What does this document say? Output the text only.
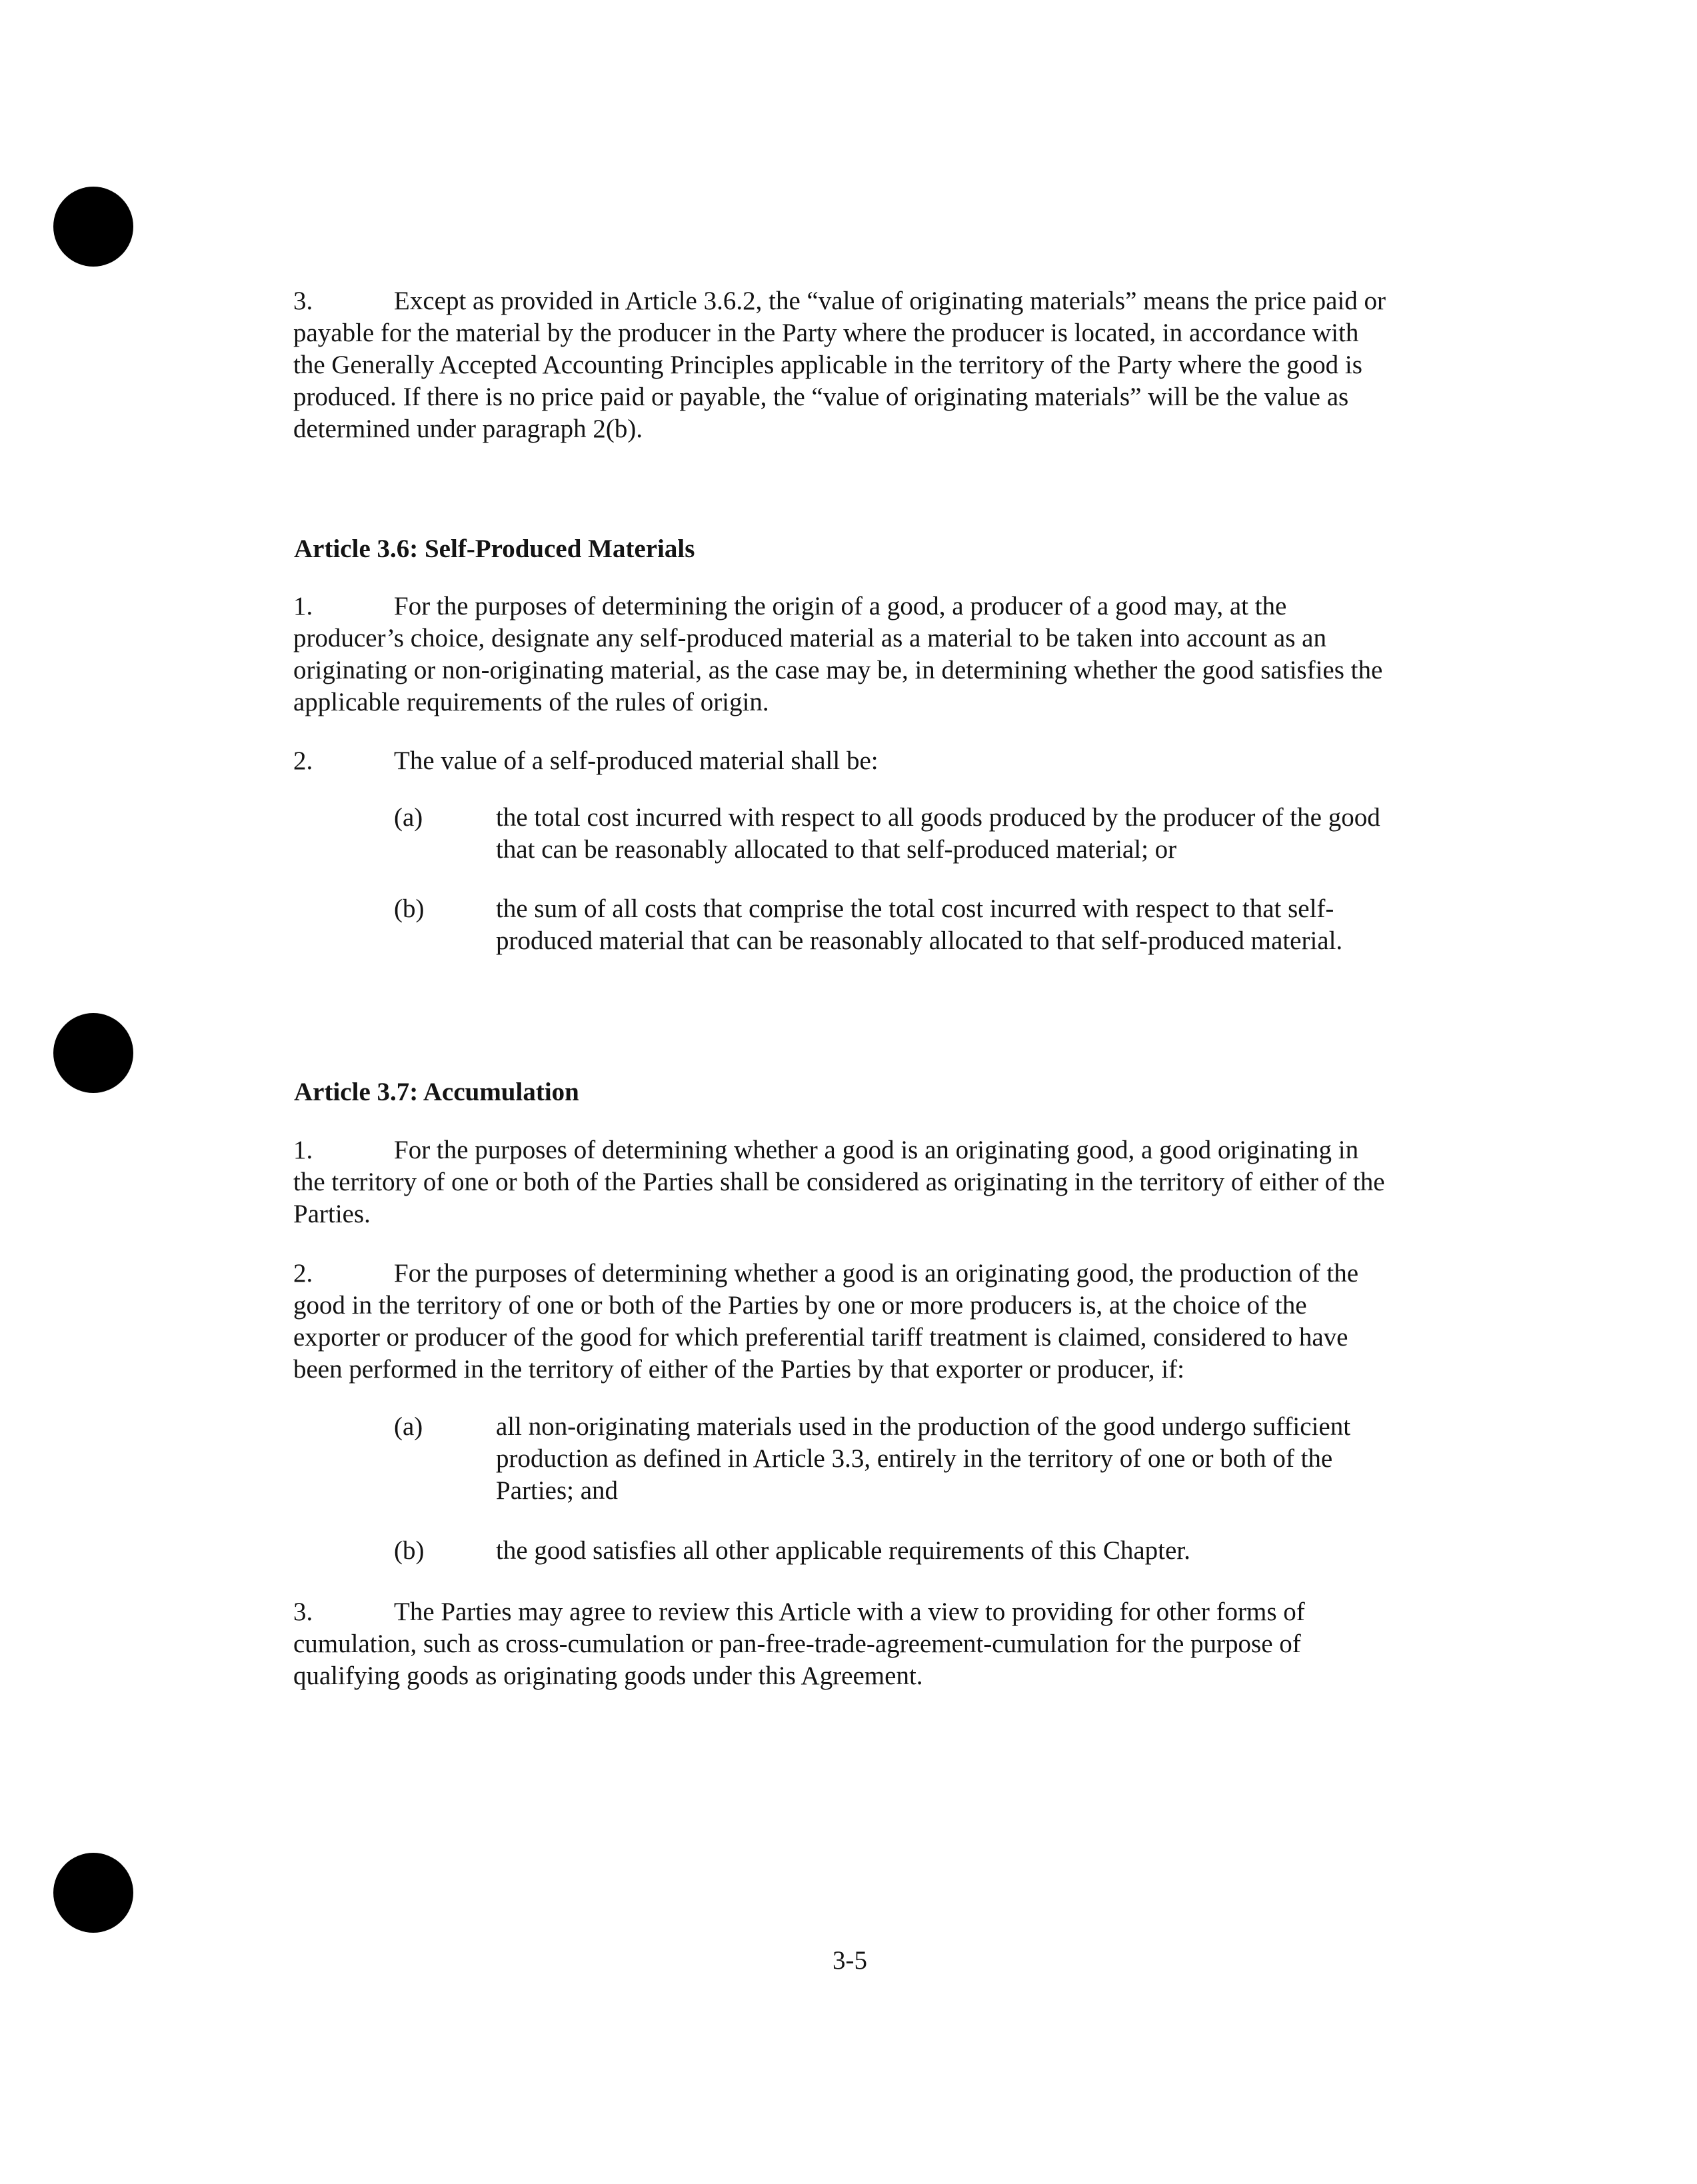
3.	Except as provided in Article 3.6.2, the “value of originating materials” means the price paid or payable for the material by the producer in the Party where the producer is located, in accordance with the Generally Accepted Accounting Principles applicable in the territory of the Party where the good is produced. If there is no price paid or payable, the “value of originating materials” will be the value as determined under paragraph 2(b).

Article 3.6: Self-Produced Materials

1.	For the purposes of determining the origin of a good, a producer of a good may, at the producer’s choice, designate any self-produced material as a material to be taken into account as an originating or non-originating material, as the case may be, in determining whether the good satisfies the applicable requirements of the rules of origin.

2.	The value of a self-produced material shall be:

(a)	the total cost incurred with respect to all goods produced by the producer of the good that can be reasonably allocated to that self-produced material; or
(b)	the sum of all costs that comprise the total cost incurred with respect to that self-produced material that can be reasonably allocated to that self-produced material.
Article 3.7: Accumulation

1.	For the purposes of determining whether a good is an originating good, a good originating in the territory of one or both of the Parties shall be considered as originating in the territory of either of the Parties.

2.	For the purposes of determining whether a good is an originating good, the production of the good in the territory of one or both of the Parties by one or more producers is, at the choice of the exporter or producer of the good for which preferential tariff treatment is claimed, considered to have been performed in the territory of either of the Parties by that exporter or producer, if:

(a)	all non-originating materials used in the production of the good undergo sufficient production as defined in Article 3.3, entirely in the territory of one or both of the Parties; and
(b)	the good satisfies all other applicable requirements of this Chapter.

3.	The Parties may agree to review this Article with a view to providing for other forms of cumulation, such as cross-cumulation or pan-free-trade-agreement-cumulation for the purpose of qualifying goods as originating goods under this Agreement.

3-5
